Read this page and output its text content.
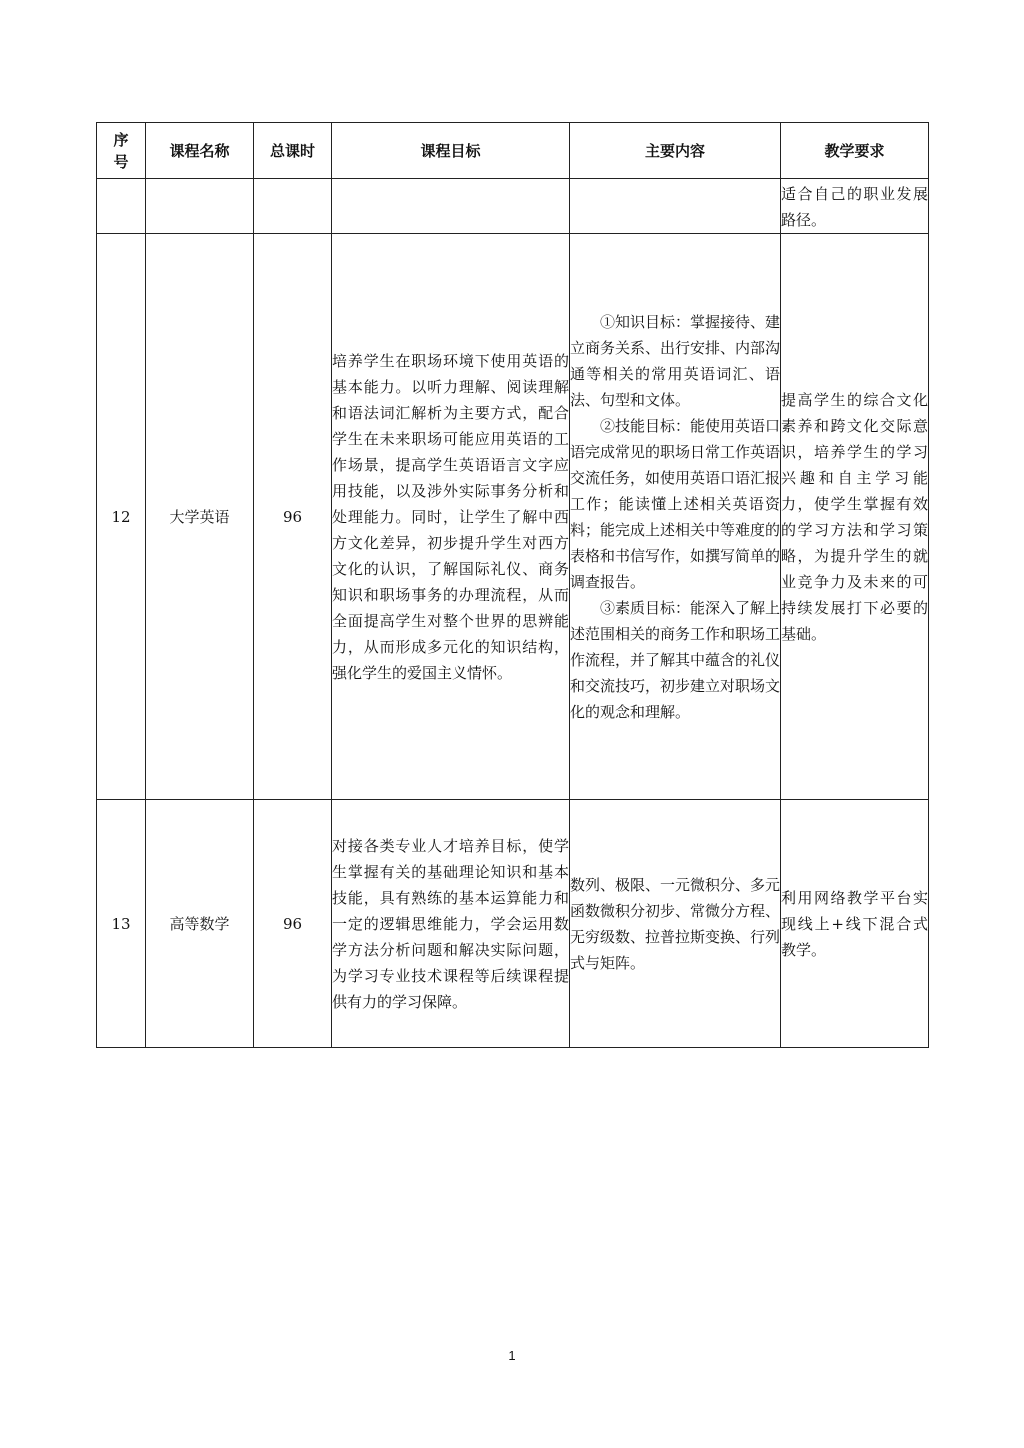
序号	课程名称	总课时	课程目标	主要内容	教学要求
					适合自己的职业发展路径。
12	大学英语	96	培养学生在职场环境下使用英语的基本能力。以听力理解、阅读理解和语法词汇解析为主要方式，配合学生在未来职场可能应用英语的工作场景，提高学生英语语言文字应用技能，以及涉外实际事务分析和处理能力。同时，让学生了解中西方文化差异，初步提升学生对西方文化的认识，了解国际礼仪、商务知识和职场事务的办理流程，从而全面提高学生对整个世界的思辨能力，从而形成多元化的知识结构，强化学生的爱国主义情怀。	①知识目标：掌握接待、建立商务关系、出行安排、内部沟通等相关的常用英语词汇、语法、句型和文体。

②技能目标：能使用英语口语完成常见的职场日常工作英语交流任务，如使用英语口语汇报工作；能读懂上述相关英语资料；能完成上述相关中等难度的表格和书信写作，如撰写简单的调查报告。

③素质目标：能深入了解上述范围相关的商务工作和职场工作流程，并了解其中蕴含的礼仪和交流技巧，初步建立对职场文化的观念和理解。	提高学生的综合文化素养和跨文化交际意识，培养学生的学习兴趣和自主学习能力，使学生掌握有效的学习方法和学习策略，为提升学生的就业竞争力及未来的可持续发展打下必要的基础。
13	高等数学	96	对接各类专业人才培养目标，使学生掌握有关的基础理论知识和基本技能，具有熟练的基本运算能力和一定的逻辑思维能力，学会运用数学方法分析问题和解决实际问题，为学习专业技术课程等后续课程提供有力的学习保障。	数列、极限、一元微积分、多元函数微积分初步、常微分方程、无穷级数、拉普拉斯变换、行列式与矩阵。	利用网络教学平台实现线上+线下混合式教学。
1
